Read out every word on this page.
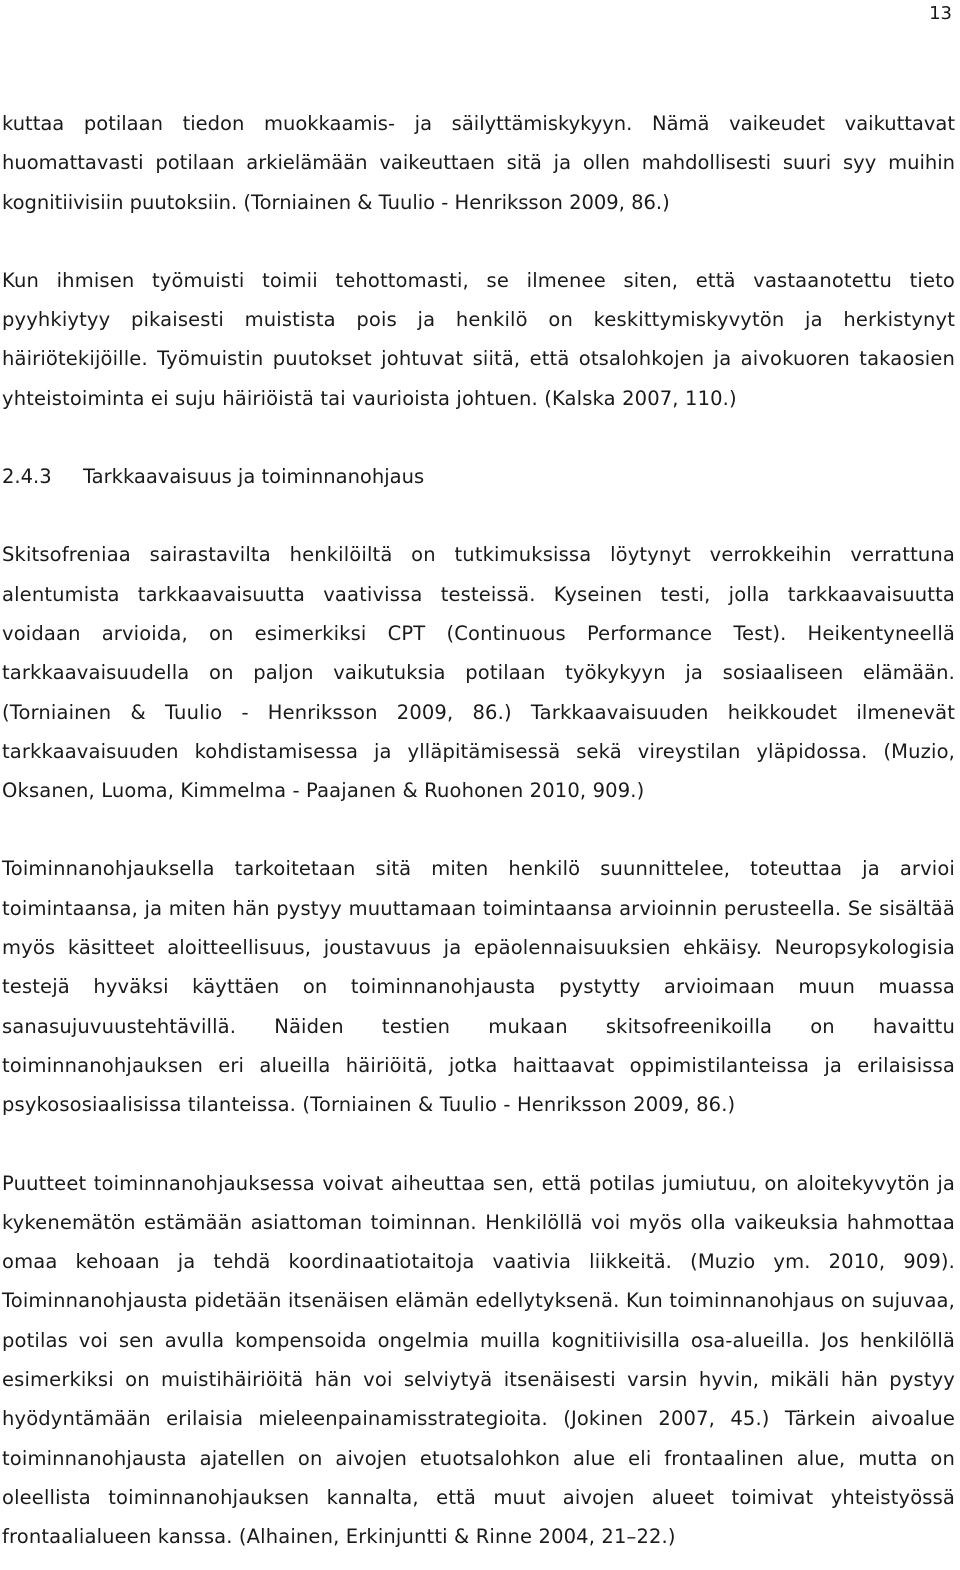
13

kuttaa potilaan tiedon muokkaamis- ja säilyttämiskykyyn. Nämä vaikeudet vaikuttavat huomattavasti potilaan arkielämään vaikeuttaen sitä ja ollen mahdollisesti suuri syy muihin kognitiivisiin puutoksiin. (Torniainen & Tuulio - Henriksson 2009, 86.)

Kun ihmisen työmuisti toimii tehottomasti, se ilmenee siten, että vastaanotettu tieto pyyhkiytyy pikaisesti muistista pois ja henkilö on keskittymiskyvytön ja herkistynyt häiriötekijöille. Työmuistin puutokset johtuvat siitä, että otsalohkojen ja aivokuoren takaosien yhteistoiminta ei suju häiriöistä tai vaurioista johtuen. (Kalska 2007, 110.)

2.4.3 Tarkkaavaisuus ja toiminnanohjaus

Skitsofreniaa sairastavilta henkilöiltä on tutkimuksissa löytynyt verrokkeihin verrattuna alentumista tarkkaavaisuutta vaativissa testeissä. Kyseinen testi, jolla tarkkaavaisuutta voidaan arvioida, on esimerkiksi CPT (Continuous Performance Test). Heikentyneellä tarkkaavaisuudella on paljon vaikutuksia potilaan työkykyyn ja sosiaaliseen elämään. (Torniainen & Tuulio - Henriksson 2009, 86.) Tarkkaavaisuuden heikkoudet ilmenevät tarkkaavaisuuden kohdistamisessa ja ylläpitämisessä sekä vireystilan yläpidossa. (Muzio, Oksanen, Luoma, Kimmelma - Paajanen & Ruohonen 2010, 909.)

Toiminnanohjauksella tarkoitetaan sitä miten henkilö suunnittelee, toteuttaa ja arvioi toimintaansa, ja miten hän pystyy muuttamaan toimintaansa arvioinnin perusteella. Se sisältää myös käsitteet aloitteellisuus, joustavuus ja epäolennaisuuksien ehkäisy. Neuropsykologisia testejä hyväksi käyttäen on toiminnanohjausta pystytty arvioimaan muun muassa sanasujuvuustehtävillä. Näiden testien mukaan skitsofreenikoilla on havaittu toiminnanohjauksen eri alueilla häiriöitä, jotka haittaavat oppimistilanteissa ja erilaisissa psykososiaalisissa tilanteissa. (Torniainen & Tuulio - Henriksson 2009, 86.)

Puutteet toiminnanohjauksessa voivat aiheuttaa sen, että potilas jumiutuu, on aloitekyvytön ja kykenemätön estämään asiattoman toiminnan. Henkilöllä voi myös olla vaikeuksia hahmottaa omaa kehoaan ja tehdä koordinaatiotaitoja vaativia liikkeitä. (Muzio ym. 2010, 909). Toiminnanohjausta pidetään itsenäisen elämän edellytyksenä. Kun toiminnanohjaus on sujuvaa, potilas voi sen avulla kompensoida ongelmia muilla kognitiivisilla osa-alueilla. Jos henkilöllä esimerkiksi on muistihäiriöitä hän voi selviytyä itsenäisesti varsin hyvin, mikäli hän pystyy hyödyntämään erilaisia mieleenpainamisstrategioita. (Jokinen 2007, 45.) Tärkein aivoalue toiminnanohjausta ajatellen on aivojen etuotsalohkon alue eli frontaalinen alue, mutta on oleellista toiminnanohjauksen kannalta, että muut aivojen alueet toimivat yhteistyössä frontaalialueen kanssa. (Alhainen, Erkinjuntti & Rinne 2004, 21–22.)
